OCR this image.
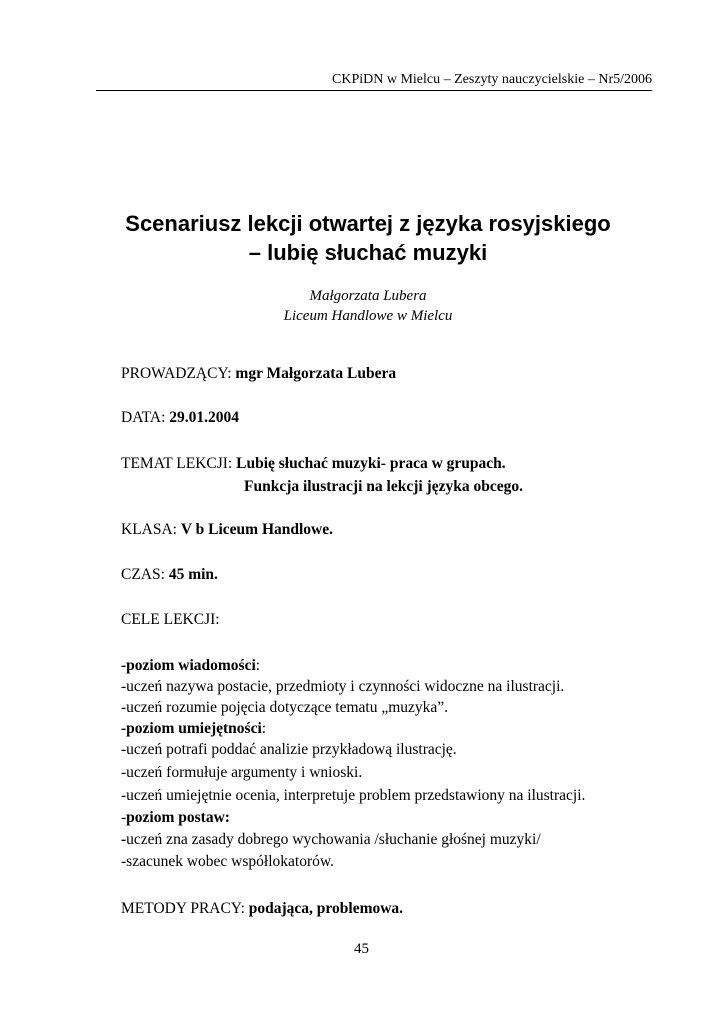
CKPiDN w Mielcu – Zeszyty nauczycielskie – Nr5/2006
Scenariusz lekcji otwartej z języka rosyjskiego
– lubię słuchać muzyki
Małgorzata Lubera
Liceum Handlowe w Mielcu
PROWADZĄCY: mgr Małgorzata Lubera
DATA: 29.01.2004
TEMAT LEKCJI: Lubię słuchać muzyki- praca w grupach.
Funkcja ilustracji na lekcji języka obcego.
KLASA: V b Liceum Handlowe.
CZAS: 45 min.
CELE LEKCJI:
-poziom wiadomości:
-uczeń nazywa postacie, przedmioty i czynności widoczne na ilustracji.
-uczeń rozumie pojęcia dotyczące tematu „muzyka”.
-poziom umiejętności:
-uczeń potrafi poddać analizie przykładową ilustrację.
-uczeń formułuje argumenty i wnioski.
-uczeń umiejętnie ocenia, interpretuje problem przedstawiony na ilustracji.
-poziom postaw:
-uczeń zna zasady dobrego wychowania /słuchanie głośnej muzyki/
-szacunek wobec współlokatorów.
METODY PRACY: podająca, problemowa.
45
